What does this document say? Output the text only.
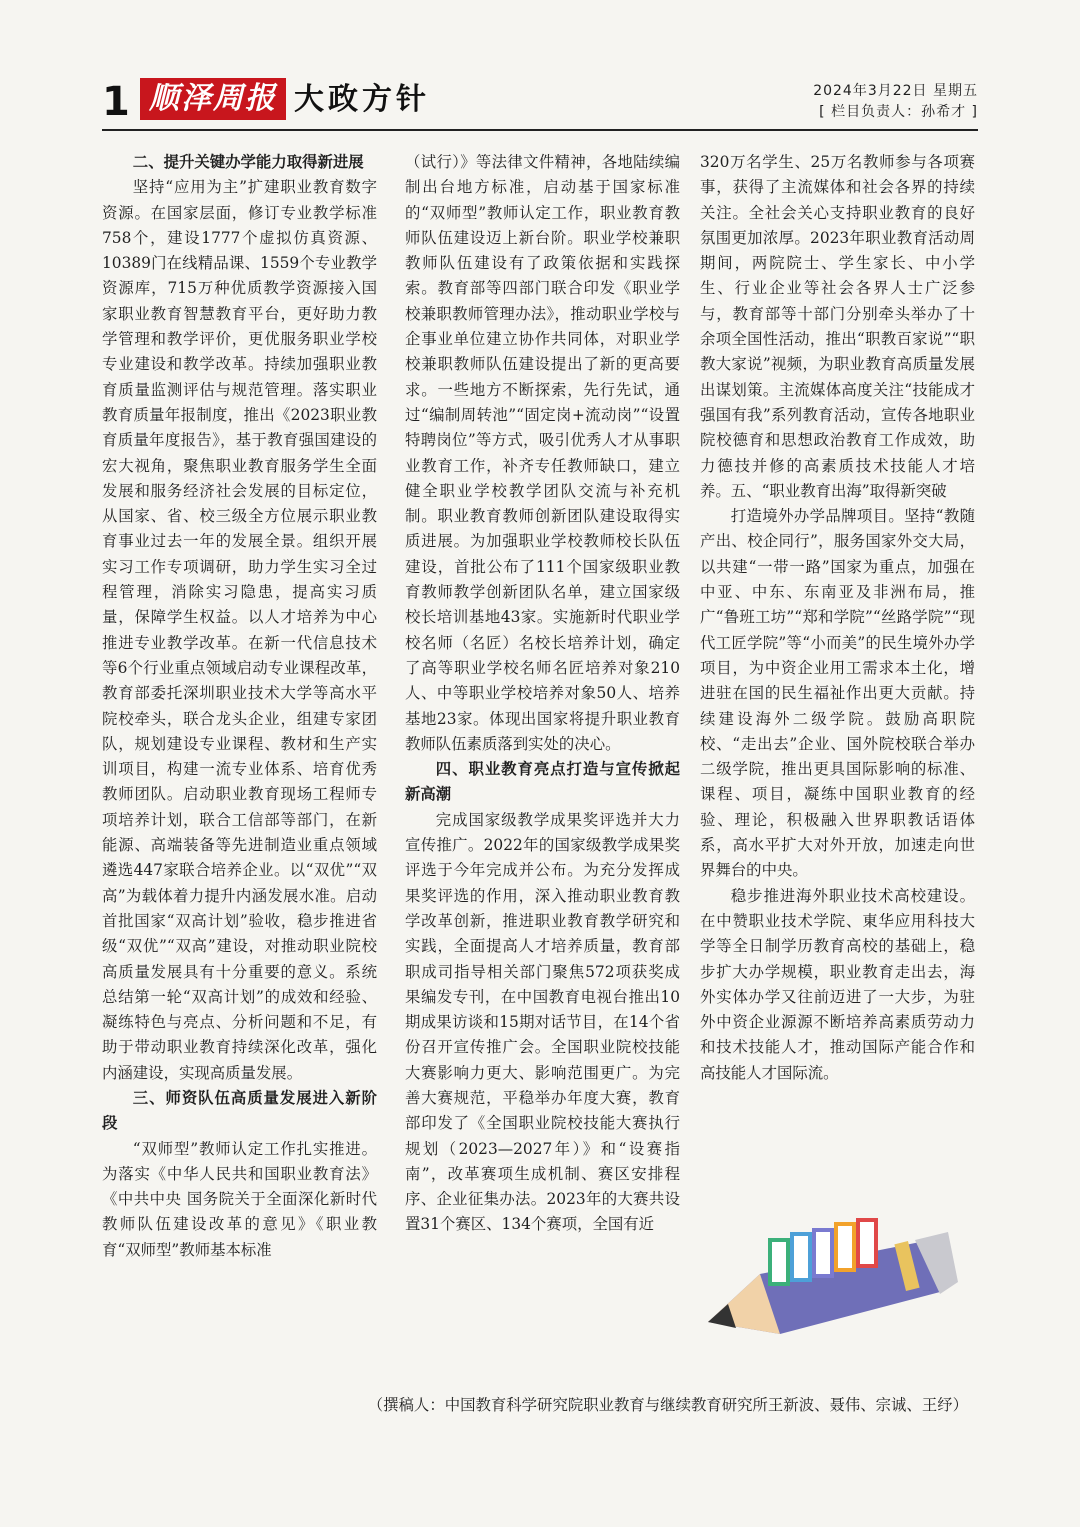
1 顺泽周报 大政方针	2024年3月22日 星期五
[ 栏目负责人：孙希才 ]

二、提升关键办学能力取得新进展

坚持“应用为主”扩建职业教育数字资源。在国家层面，修订专业教学标准758个，建设1777个虚拟仿真资源、10389门在线精品课、1559个专业教学资源库，715万种优质教学资源接入国家职业教育智慧教育平台，更好助力教学管理和教学评价，更优服务职业学校专业建设和教学改革。持续加强职业教育质量监测评估与规范管理。落实职业教育质量年报制度，推出《2023职业教育质量年度报告》，基于教育强国建设的宏大视角，聚焦职业教育服务学生全面发展和服务经济社会发展的目标定位，从国家、省、校三级全方位展示职业教育事业过去一年的发展全景。组织开展实习工作专项调研，助力学生实习全过程管理，消除实习隐患，提高实习质量，保障学生权益。以人才培养为中心推进专业教学改革。在新一代信息技术等6个行业重点领域启动专业课程改革，教育部委托深圳职业技术大学等高水平院校牵头，联合龙头企业，组建专家团队，规划建设专业课程、教材和生产实训项目，构建一流专业体系、培育优秀教师团队。启动职业教育现场工程师专项培养计划，联合工信部等部门，在新能源、高端装备等先进制造业重点领域遴选447家联合培养企业。以“双优”“双高”为载体着力提升内涵发展水准。启动首批国家“双高计划”验收，稳步推进省级“双优”“双高”建设，对推动职业院校高质量发展具有十分重要的意义。系统总结第一轮“双高计划”的成效和经验、凝练特色与亮点、分析问题和不足，有助于带动职业教育持续深化改革，强化内涵建设，实现高质量发展。

三、师资队伍高质量发展进入新阶段

“双师型”教师认定工作扎实推进。为落实《中华人民共和国职业教育法》《中共中央 国务院关于全面深化新时代教师队伍建设改革的意见》《职业教育“双师型”教师基本标准

（试行）》等法律文件精神，各地陆续编制出台地方标准，启动基于国家标准的“双师型”教师认定工作，职业教育教师队伍建设迈上新台阶。职业学校兼职教师队伍建设有了政策依据和实践探索。教育部等四部门联合印发《职业学校兼职教师管理办法》，推动职业学校与企事业单位建立协作共同体，对职业学校兼职教师队伍建设提出了新的更高要求。一些地方不断探索，先行先试，通过“编制周转池”“固定岗+流动岗”“设置特聘岗位”等方式，吸引优秀人才从事职业教育工作，补齐专任教师缺口，建立健全职业学校教学团队交流与补充机制。职业教育教师创新团队建设取得实质进展。为加强职业学校教师校长队伍建设，首批公布了111个国家级职业教育教师教学创新团队名单，建立国家级校长培训基地43家。实施新时代职业学校名师（名匠）名校长培养计划，确定了高等职业学校名师名匠培养对象210人、中等职业学校培养对象50人、培养基地23家。体现出国家将提升职业教育教师队伍素质落到实处的决心。

四、职业教育亮点打造与宣传掀起新高潮

完成国家级教学成果奖评选并大力宣传推广。2022年的国家级教学成果奖评选于今年完成并公布。为充分发挥成果奖评选的作用，深入推动职业教育教学改革创新，推进职业教育教学研究和实践，全面提高人才培养质量，教育部职成司指导相关部门聚焦572项获奖成果编发专刊，在中国教育电视台推出10期成果访谈和15期对话节目，在14个省份召开宣传推广会。全国职业院校技能大赛影响力更大、影响范围更广。为完善大赛规范，平稳举办年度大赛，教育部印发了《全国职业院校技能大赛执行规划（2023—2027年）》和“设赛指南”，改革赛项生成机制、赛区安排程序、企业征集办法。2023年的大赛共设置31个赛区、134个赛项，全国有近

320万名学生、25万名教师参与各项赛事，获得了主流媒体和社会各界的持续关注。全社会关心支持职业教育的良好氛围更加浓厚。2023年职业教育活动周期间，两院院士、学生家长、中小学生、行业企业等社会各界人士广泛参与，教育部等十部门分别牵头举办了十余项全国性活动，推出“职教百家说”“职教大家说”视频，为职业教育高质量发展出谋划策。主流媒体高度关注“技能成才 强国有我”系列教育活动，宣传各地职业院校德育和思想政治教育工作成效，助力德技并修的高素质技术技能人才培养。五、“职业教育出海”取得新突破

打造境外办学品牌项目。坚持“教随产出、校企同行”，服务国家外交大局，以共建“一带一路”国家为重点，加强在中亚、中东、东南亚及非洲布局，推广“鲁班工坊”“郑和学院”“丝路学院”“现代工匠学院”等“小而美”的民生境外办学项目，为中资企业用工需求本土化，增进驻在国的民生福祉作出更大贡献。持续建设海外二级学院。鼓励高职院校、“走出去”企业、国外院校联合举办二级学院，推出更具国际影响的标准、课程、项目，凝练中国职业教育的经验、理论，积极融入世界职教话语体系，高水平扩大对外开放，加速走向世界舞台的中央。

稳步推进海外职业技术高校建设。在中赞职业技术学院、東华应用科技大学等全日制学历教育高校的基础上，稳步扩大办学规模，职业教育走出去，海外实体办学又往前迈进了一大步，为驻外中资企业源源不断培养高素质劳动力和技术技能人才，推动国际产能合作和高技能人才国际流。

（撰稿人：中国教育科学研究院职业教育与继续教育研究所王新波、聂伟、宗诚、王纾）
